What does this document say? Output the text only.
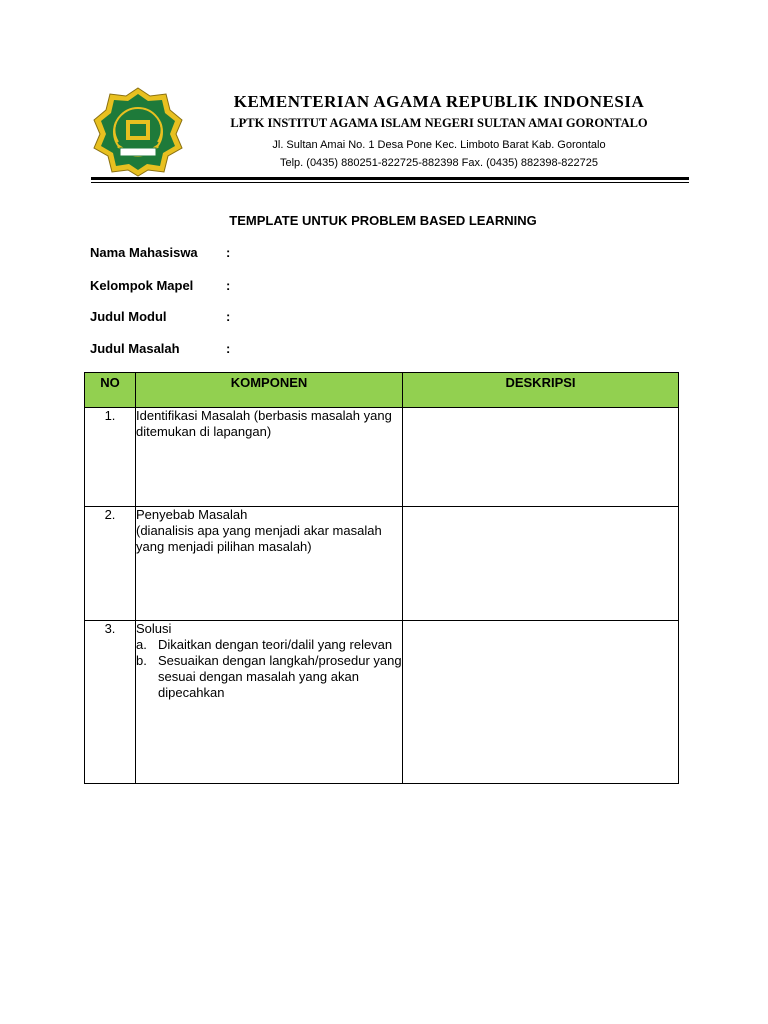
KEMENTERIAN AGAMA REPUBLIK INDONESIA
LPTK INSTITUT AGAMA ISLAM NEGERI SULTAN AMAI GORONTALO
Jl. Sultan Amai No. 1 Desa Pone Kec. Limboto Barat Kab. Gorontalo
Telp. (0435) 880251-822725-882398 Fax. (0435) 882398-822725
TEMPLATE UNTUK PROBLEM BASED LEARNING
Nama Mahasiswa :
Kelompok Mapel	:
Judul Modul	:
Judul Masalah	:
NO	KOMPONEN	DESKRIPSI
1.	Identifikasi Masalah (berbasis masalah yang ditemukan di lapangan)	
2.	Penyebab Masalah
(dianalisis apa yang menjadi akar masalah yang menjadi pilihan masalah)	

3.	Solusi
a. Dikaitkan dengan teori/dalil yang relevan
b. Sesuaikan dengan langkah/prosedur yang sesuai dengan masalah yang akan dipecahkan	
